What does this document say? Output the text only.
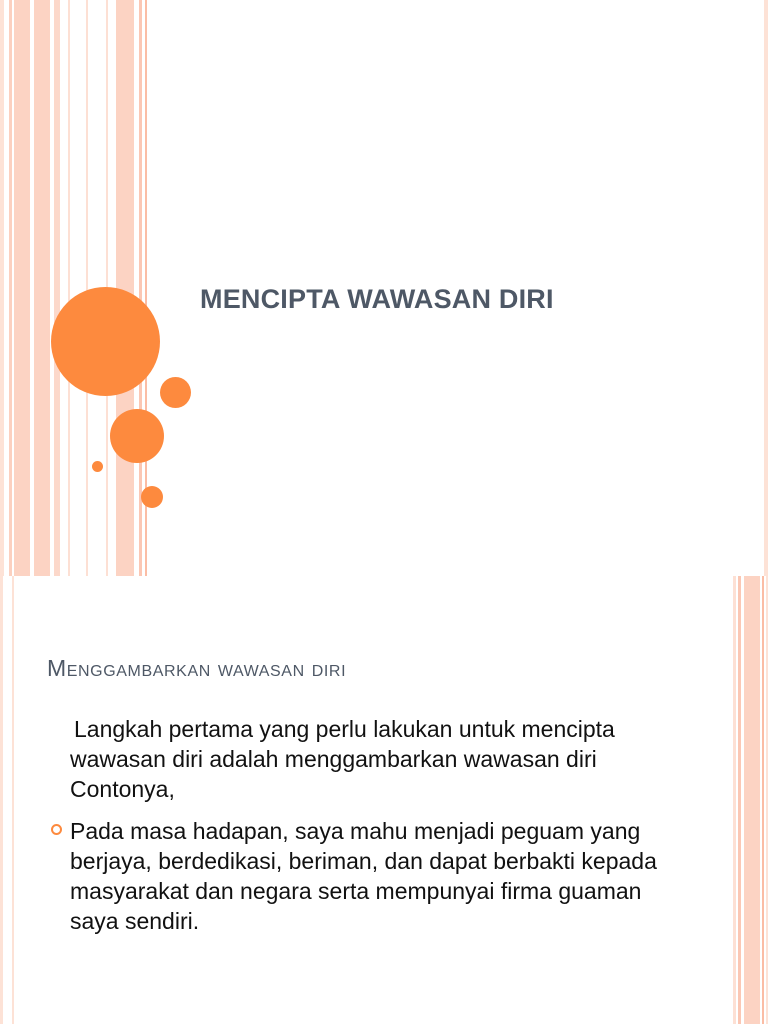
MENCIPTA WAWASAN DIRI
Menggambarkan wawasan diri

Langkah pertama yang perlu lakukan untuk mencipta wawasan diri adalah menggambarkan wawasan diri Contonya,

Pada masa hadapan, saya mahu menjadi peguam yang berjaya, berdedikasi, beriman, dan dapat berbakti kepada masyarakat dan negara serta mempunyai firma guaman saya sendiri.
